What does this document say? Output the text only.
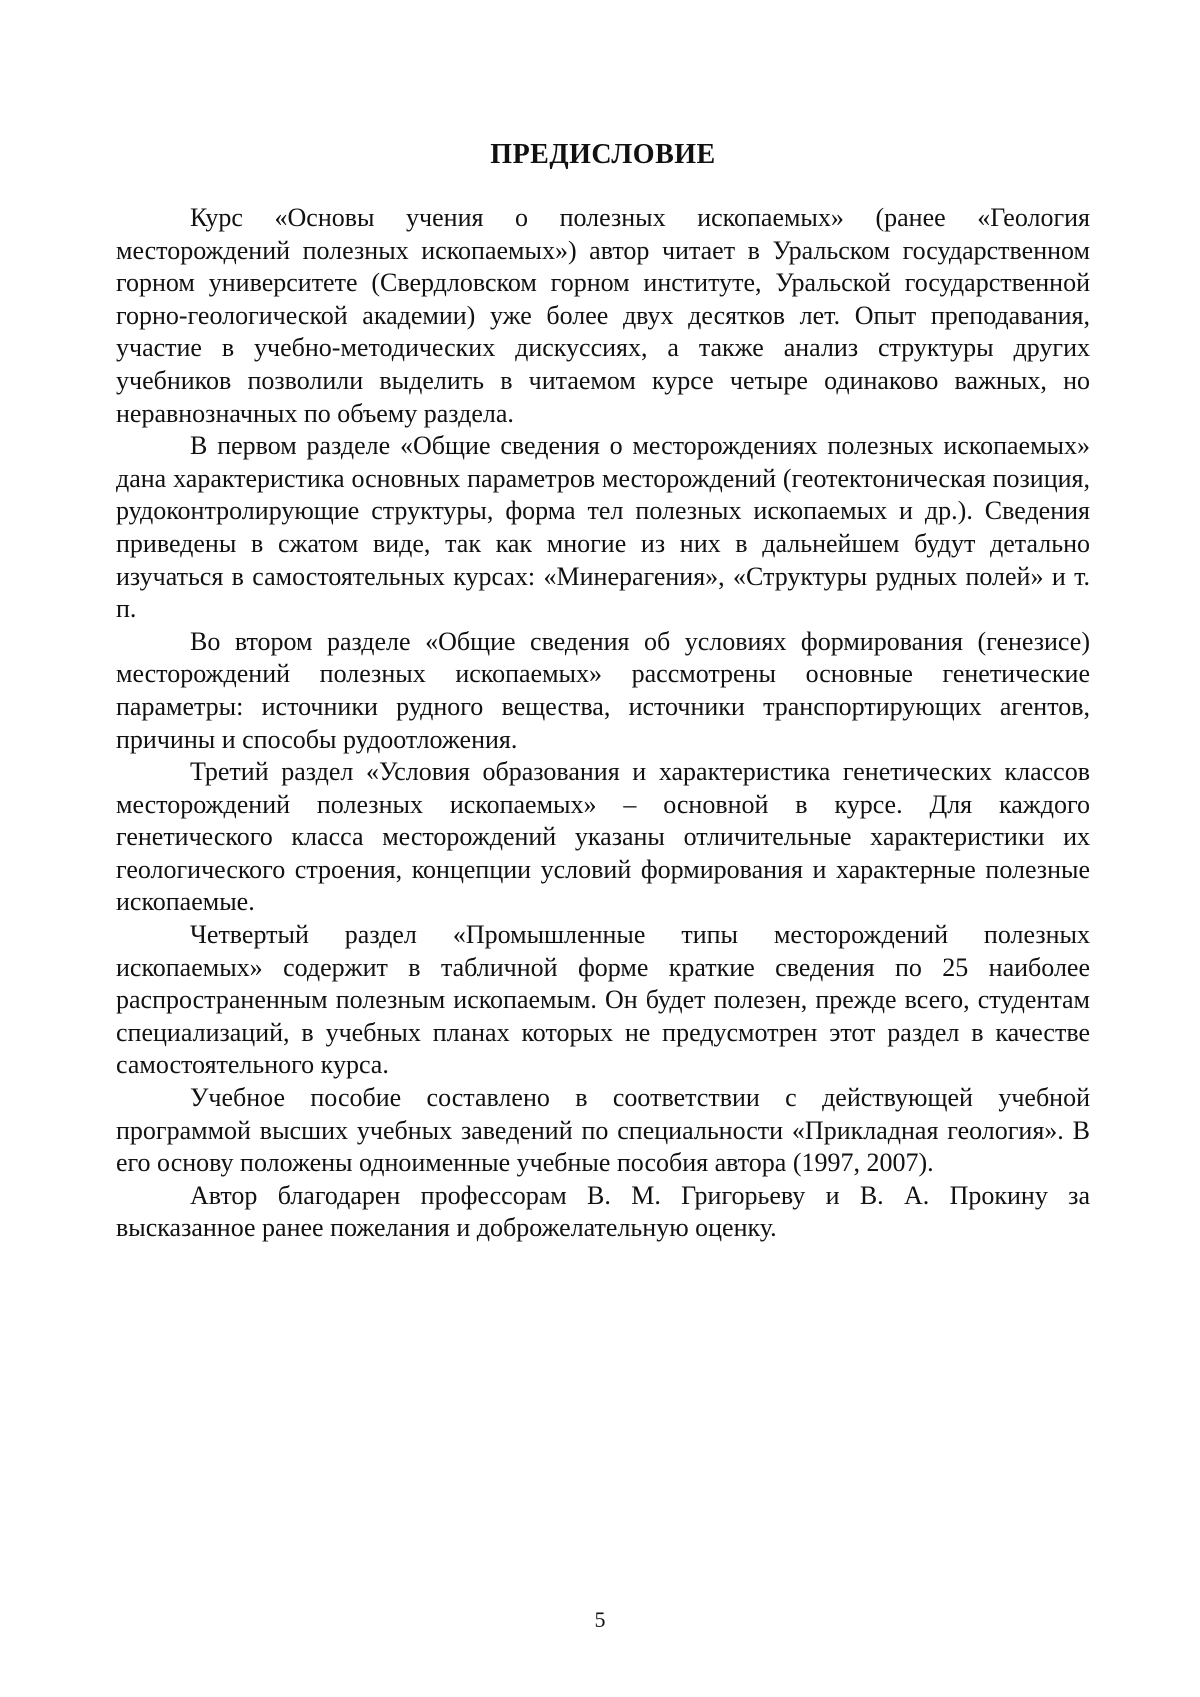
ПРЕДИСЛОВИЕ

Курс «Основы учения о полезных ископаемых» (ранее «Геология месторождений полезных ископаемых») автор читает в Уральском государственном горном университете (Свердловском горном институте, Уральской государственной горно-геологической академии) уже более двух десятков лет. Опыт преподавания, участие в учебно-методических дискуссиях, а также анализ структуры других учебников позволили выделить в читаемом курсе четыре одинаково важных, но неравнозначных по объему раздела.

В первом разделе «Общие сведения о месторождениях полезных ископаемых» дана характеристика основных параметров месторождений (геотектоническая позиция, рудоконтролирующие структуры, форма тел полезных ископаемых и др.). Сведения приведены в сжатом виде, так как многие из них в дальнейшем будут детально изучаться в самостоятельных курсах: «Минерагения», «Структуры рудных полей» и т. п.

Во втором разделе «Общие сведения об условиях формирования (генезисе) месторождений полезных ископаемых» рассмотрены основные генетические параметры: источники рудного вещества, источники транспортирующих агентов, причины и способы рудоотложения.

Третий раздел «Условия образования и характеристика генетических классов месторождений полезных ископаемых» – основной в курсе. Для каждого генетического класса месторождений указаны отличительные характеристики их геологического строения, концепции условий формирования и характерные полезные ископаемые.

Четвертый раздел «Промышленные типы месторождений полезных ископаемых» содержит в табличной форме краткие сведения по 25 наиболее распространенным полезным ископаемым. Он будет полезен, прежде всего, студентам специализаций, в учебных планах которых не предусмотрен этот раздел в качестве самостоятельного курса.

Учебное пособие составлено в соответствии с действующей учебной программой высших учебных заведений по специальности «Прикладная геология». В его основу положены одноименные учебные пособия автора (1997, 2007).

Автор благодарен профессорам В. М. Григорьеву и В. А. Прокину за высказанное ранее пожелания и доброжелательную оценку.

5
